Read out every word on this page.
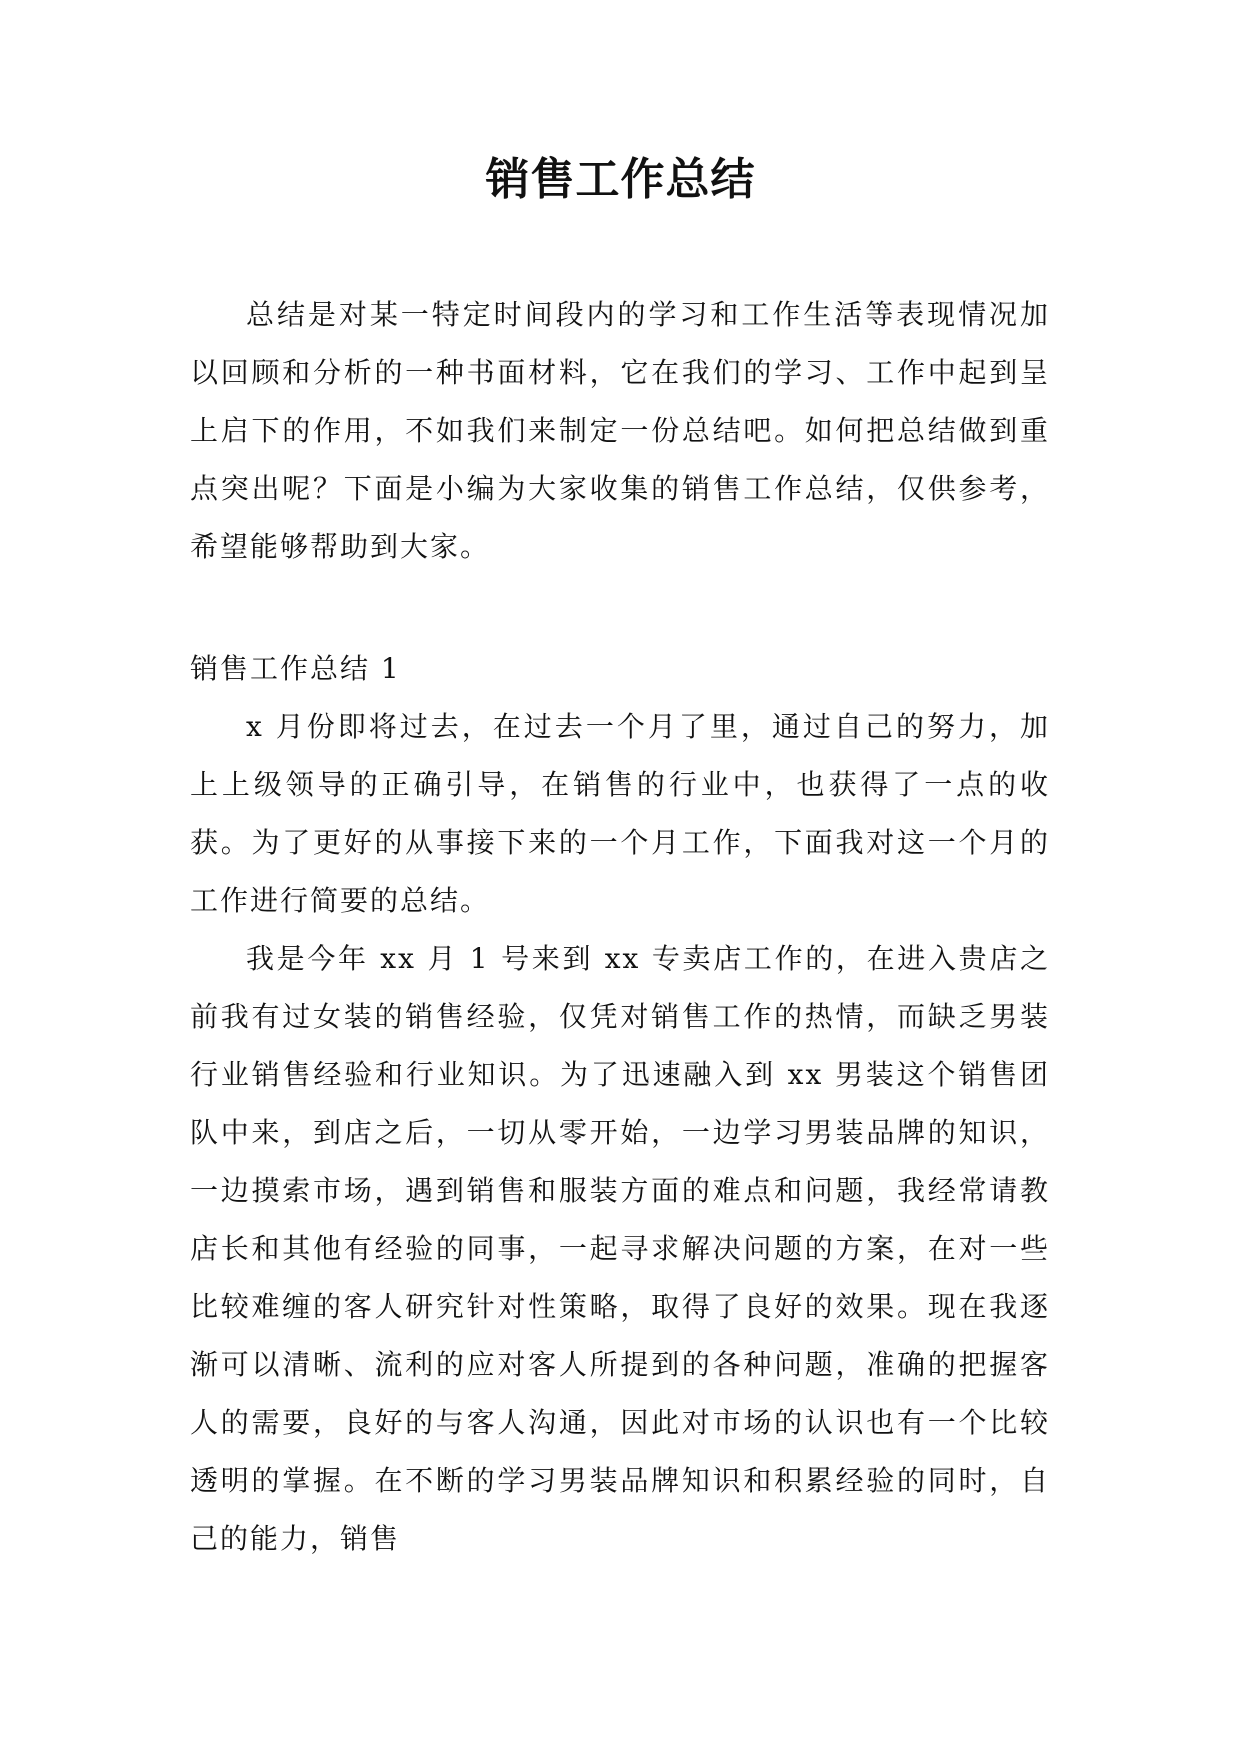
销售工作总结

总结是对某一特定时间段内的学习和工作生活等表现情况加以回顾和分析的一种书面材料，它在我们的学习、工作中起到呈上启下的作用，不如我们来制定一份总结吧。如何把总结做到重点突出呢？下面是小编为大家收集的销售工作总结，仅供参考，希望能够帮助到大家。

销售工作总结 1

x 月份即将过去，在过去一个月了里，通过自己的努力，加上上级领导的正确引导，在销售的行业中，也获得了一点的收获。为了更好的从事接下来的一个月工作，下面我对这一个月的工作进行简要的总结。

我是今年 xx 月 1 号来到 xx 专卖店工作的，在进入贵店之前我有过女装的销售经验，仅凭对销售工作的热情，而缺乏男装行业销售经验和行业知识。为了迅速融入到 xx 男装这个销售团队中来，到店之后，一切从零开始，一边学习男装品牌的知识，一边摸索市场，遇到销售和服装方面的难点和问题，我经常请教店长和其他有经验的同事，一起寻求解决问题的方案，在对一些比较难缠的客人研究针对性策略，取得了良好的效果。现在我逐渐可以清晰、流利的应对客人所提到的各种问题，准确的把握客人的需要，良好的与客人沟通，因此对市场的认识也有一个比较透明的掌握。在不断的学习男装品牌知识和积累经验的同时，自己的能力，销售
